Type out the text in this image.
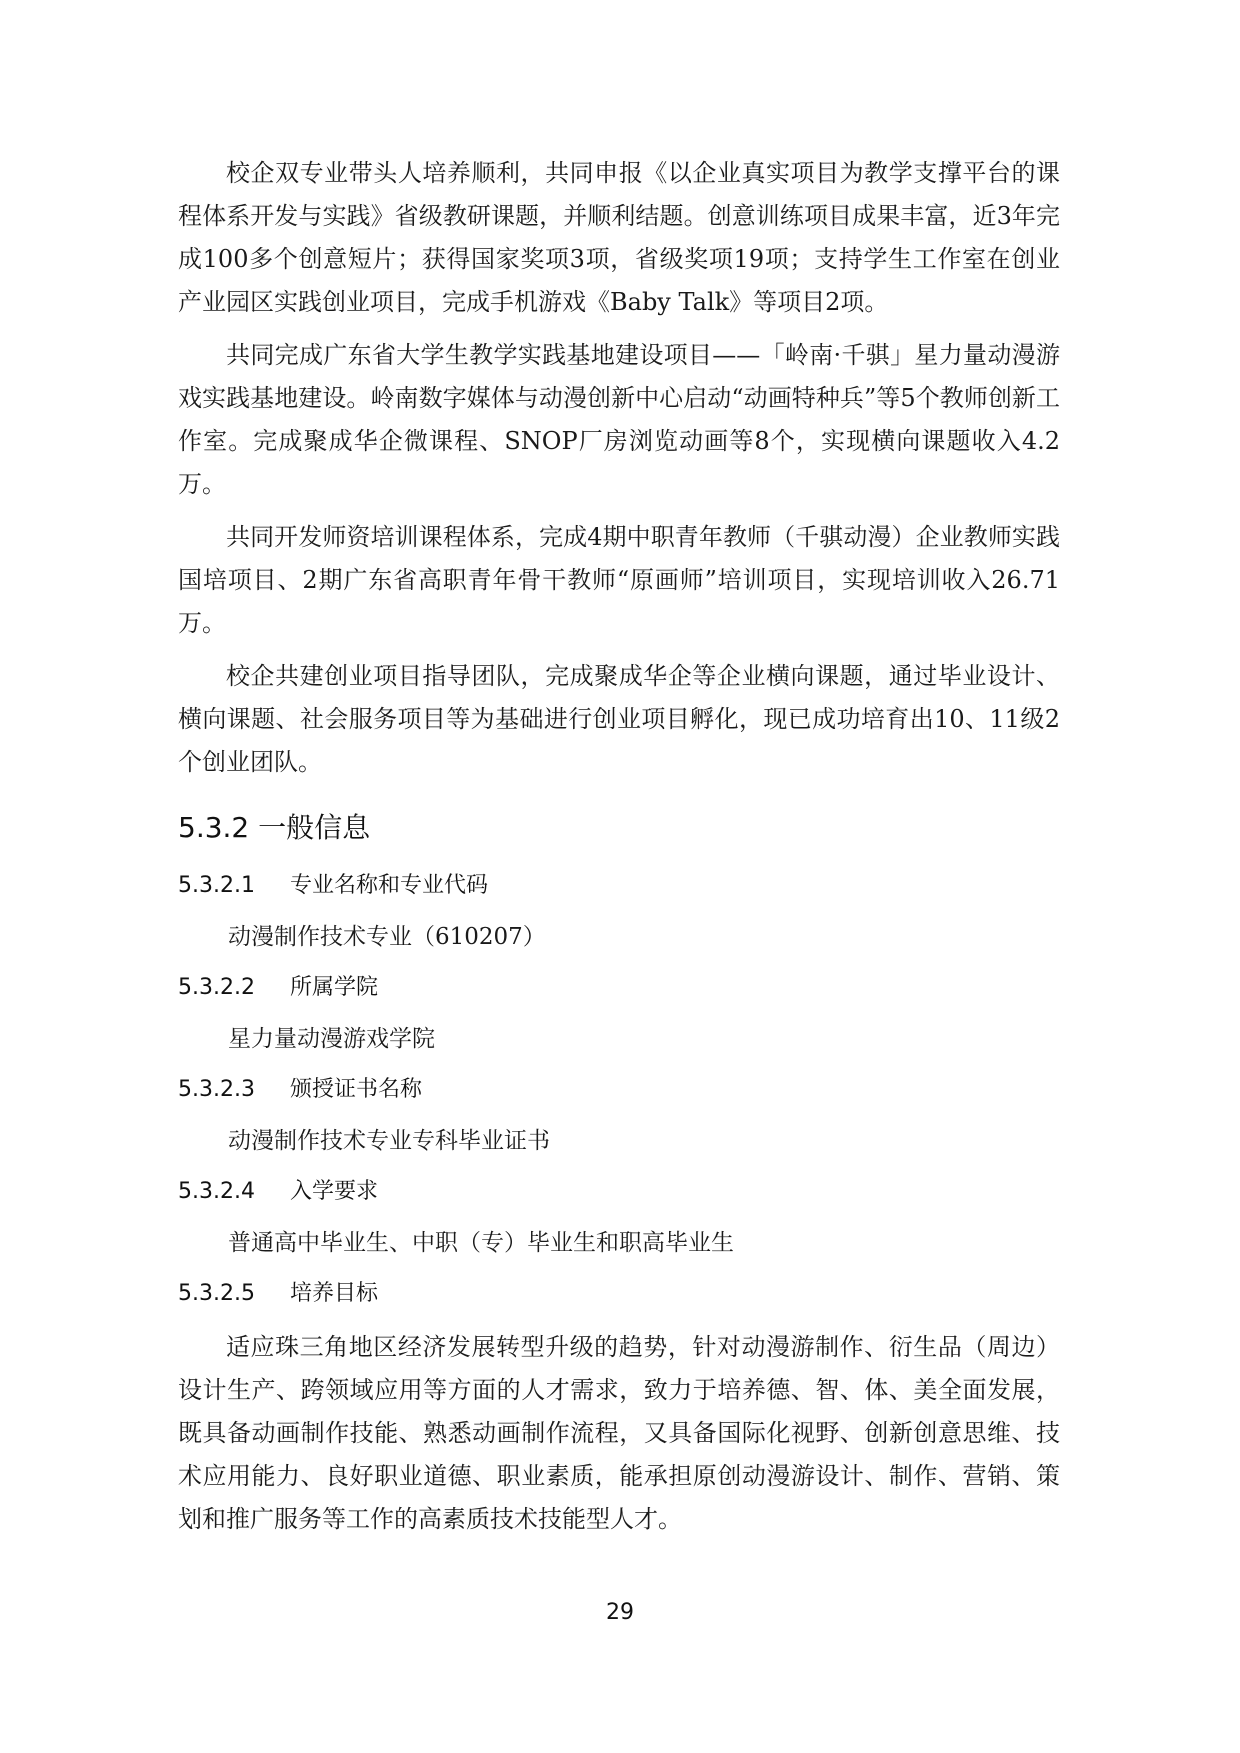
校企双专业带头人培养顺利，共同申报《以企业真实项目为教学支撑平台的课程体系开发与实践》省级教研课题，并顺利结题。创意训练项目成果丰富，近3年完成100多个创意短片；获得国家奖项3项，省级奖项19项；支持学生工作室在创业产业园区实践创业项目，完成手机游戏《Baby Talk》等项目2项。

共同完成广东省大学生教学实践基地建设项目——「岭南·千骐」星力量动漫游戏实践基地建设。岭南数字媒体与动漫创新中心启动“动画特种兵”等5个教师创新工作室。完成聚成华企微课程、SNOP厂房浏览动画等8个，实现横向课题收入4.2万。

共同开发师资培训课程体系，完成4期中职青年教师（千骐动漫）企业教师实践国培项目、2期广东省高职青年骨干教师“原画师”培训项目，实现培训收入26.71万。

校企共建创业项目指导团队，完成聚成华企等企业横向课题，通过毕业设计、横向课题、社会服务项目等为基础进行创业项目孵化，现已成功培育出10、11级2个创业团队。

5.3.2 一般信息
5.3.2.1 专业名称和专业代码
动漫制作技术专业（610207）
5.3.2.2 所属学院
星力量动漫游戏学院
5.3.2.3 颁授证书名称
动漫制作技术专业专科毕业证书
5.3.2.4 入学要求
普通高中毕业生、中职（专）毕业生和职高毕业生
5.3.2.5 培养目标

适应珠三角地区经济发展转型升级的趋势，针对动漫游制作、衍生品（周边）设计生产、跨领域应用等方面的人才需求，致力于培养德、智、体、美全面发展，既具备动画制作技能、熟悉动画制作流程，又具备国际化视野、创新创意思维、技术应用能力、良好职业道德、职业素质，能承担原创动漫游设计、制作、营销、策划和推广服务等工作的高素质技术技能型人才。

29
